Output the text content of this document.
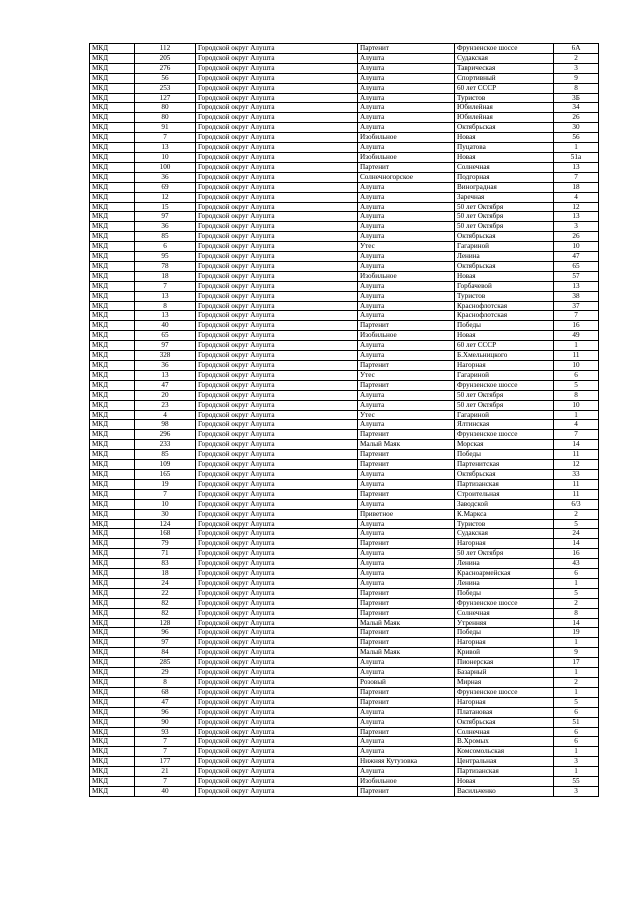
МКД	112	Городской округ Алушта	Партенит	Фрунзенское шоссе	6А
МКД	205	Городской округ Алушта	Алушта	Судакская	2
МКД	276	Городской округ Алушта	Алушта	Таврическая	3
МКД	56	Городской округ Алушта	Алушта	Спортивный	9
МКД	253	Городской округ Алушта	Алушта	60 лет СССР	8
МКД	127	Городской округ Алушта	Алушта	Туристов	3Б
МКД	80	Городской округ Алушта	Алушта	Юбилейная	34
МКД	80	Городской округ Алушта	Алушта	Юбилейная	26
МКД	91	Городской округ Алушта	Алушта	Октябрьская	30
МКД	7	Городской округ Алушта	Изобильное	Новая	56
МКД	13	Городской округ Алушта	Алушта	Пуцатова	1
МКД	10	Городской округ Алушта	Изобильное	Новая	51а
МКД	100	Городской округ Алушта	Партенит	Солнечная	13
МКД	36	Городской округ Алушта	Солнечногорское	Подгорная	7
МКД	69	Городской округ Алушта	Алушта	Виноградная	18
МКД	12	Городской округ Алушта	Алушта	Заречная	4
МКД	15	Городской округ Алушта	Алушта	50 лет Октября	12
МКД	97	Городской округ Алушта	Алушта	50 лет Октября	13
МКД	36	Городской округ Алушта	Алушта	50 лет Октября	3
МКД	85	Городской округ Алушта	Алушта	Октябрьская	26
МКД	6	Городской округ Алушта	Утес	Гагариной	10
МКД	95	Городской округ Алушта	Алушта	Ленина	47
МКД	78	Городской округ Алушта	Алушта	Октябрьская	65
МКД	18	Городской округ Алушта	Изобильное	Новая	57
МКД	7	Городской округ Алушта	Алушта	Горбачевой	13
МКД	13	Городской округ Алушта	Алушта	Туристов	38
МКД	8	Городской округ Алушта	Алушта	Краснофлотская	37
МКД	13	Городской округ Алушта	Алушта	Краснофлотская	7
МКД	40	Городской округ Алушта	Партенит	Победы	16
МКД	65	Городской округ Алушта	Изобильное	Новая	49
МКД	97	Городской округ Алушта	Алушта	60 лет СССР	1
МКД	328	Городской округ Алушта	Алушта	Б.Хмельницкого	11
МКД	36	Городской округ Алушта	Партенит	Нагорная	10
МКД	13	Городской округ Алушта	Утес	Гагариной	6
МКД	47	Городской округ Алушта	Партенит	Фрунзенское шоссе	5
МКД	20	Городской округ Алушта	Алушта	50 лет Октября	8
МКД	23	Городской округ Алушта	Алушта	50 лет Октября	10
МКД	4	Городской округ Алушта	Утес	Гагариной	1
МКД	98	Городской округ Алушта	Алушта	Ялтинская	4
МКД	296	Городской округ Алушта	Партенит	Фрунзенское шоссе	7
МКД	233	Городской округ Алушта	Малый Маяк	Морская	14
МКД	85	Городской округ Алушта	Партенит	Победы	11
МКД	109	Городской округ Алушта	Партенит	Партенитская	12
МКД	165	Городской округ Алушта	Алушта	Октябрьская	33
МКД	19	Городской округ Алушта	Алушта	Партизанская	11
МКД	7	Городской округ Алушта	Партенит	Строительная	11
МКД	10	Городской округ Алушта	Алушта	Заводской	6/3
МКД	30	Городской округ Алушта	Приветное	К.Маркса	2
МКД	124	Городской округ Алушта	Алушта	Туристов	5
МКД	168	Городской округ Алушта	Алушта	Судакская	24
МКД	79	Городской округ Алушта	Партенит	Нагорная	14
МКД	71	Городской округ Алушта	Алушта	50 лет Октября	16
МКД	83	Городской округ Алушта	Алушта	Ленина	43
МКД	18	Городской округ Алушта	Алушта	Красноармейская	6
МКД	24	Городской округ Алушта	Алушта	Ленина	1
МКД	22	Городской округ Алушта	Партенит	Победы	5
МКД	82	Городской округ Алушта	Партенит	Фрунзенское шоссе	2
МКД	82	Городской округ Алушта	Партенит	Солнечная	8
МКД	128	Городской округ Алушта	Малый Маяк	Утренняя	14
МКД	96	Городской округ Алушта	Партенит	Победы	19
МКД	97	Городской округ Алушта	Партенит	Нагорная	1
МКД	84	Городской округ Алушта	Малый Маяк	Кривой	9
МКД	285	Городской округ Алушта	Алушта	Пионерская	17
МКД	29	Городской округ Алушта	Алушта	Базарный	1
МКД	8	Городской округ Алушта	Розовый	Мирная	2
МКД	68	Городской округ Алушта	Партенит	Фрунзенское шоссе	1
МКД	47	Городской округ Алушта	Партенит	Нагорная	5
МКД	96	Городской округ Алушта	Алушта	Платановая	6
МКД	90	Городской округ Алушта	Алушта	Октябрьская	51
МКД	93	Городской округ Алушта	Партенит	Солнечная	6
МКД	7	Городской округ Алушта	Алушта	В.Хромых	6
МКД	7	Городской округ Алушта	Алушта	Комсомольская	1
МКД	177	Городской округ Алушта	Нижняя Кутузовка	Центральная	3
МКД	21	Городской округ Алушта	Алушта	Партизанская	1
МКД	7	Городской округ Алушта	Изобильное	Новая	55
МКД	40	Городской округ Алушта	Партенит	Васильченко	3
